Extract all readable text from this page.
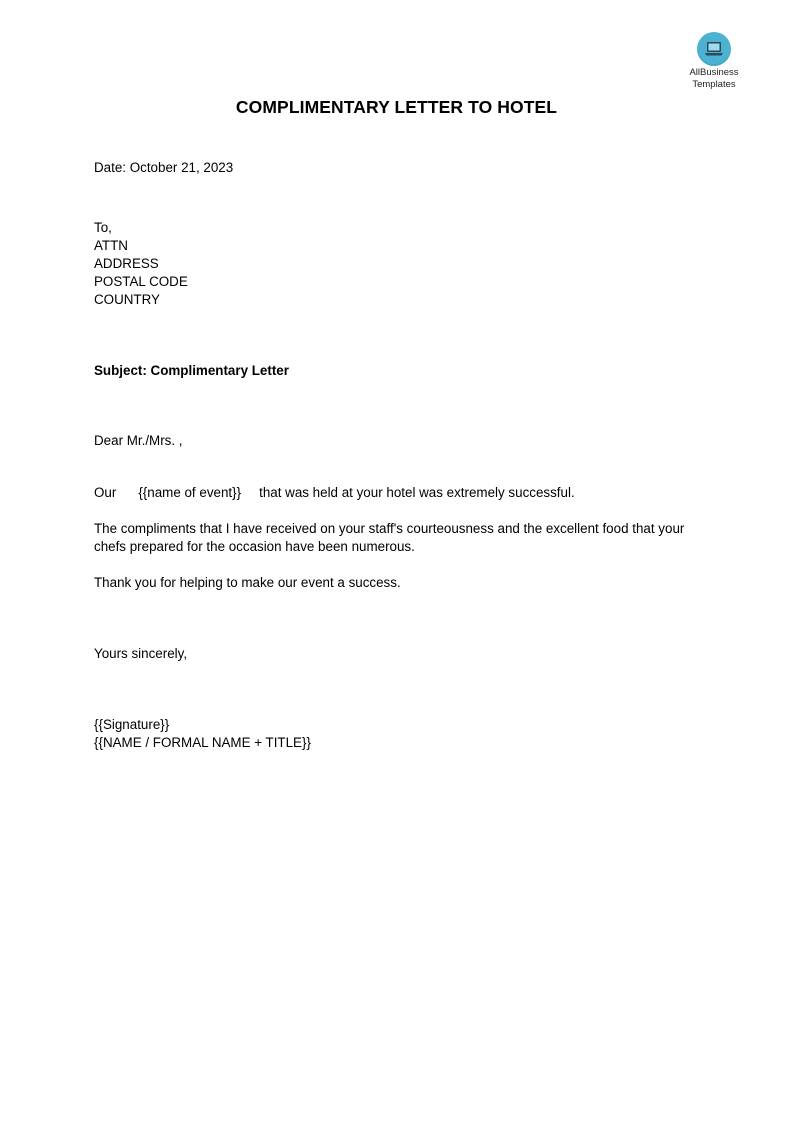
AllBusiness
Templates
COMPLIMENTARY LETTER TO HOTEL
Date: October 21, 2023
To,
ATTN
ADDRESS
POSTAL CODE
COUNTRY
Subject: Complimentary Letter
Dear Mr./Mrs. ,
Our {{name of event}} that was held at your hotel was extremely successful.
The compliments that I have received on your staff's courteousness and the excellent food that your
chefs prepared for the occasion have been numerous.
Thank you for helping to make our event a success.
Yours sincerely,
{{Signature}}
{{NAME / FORMAL NAME + TITLE}}
